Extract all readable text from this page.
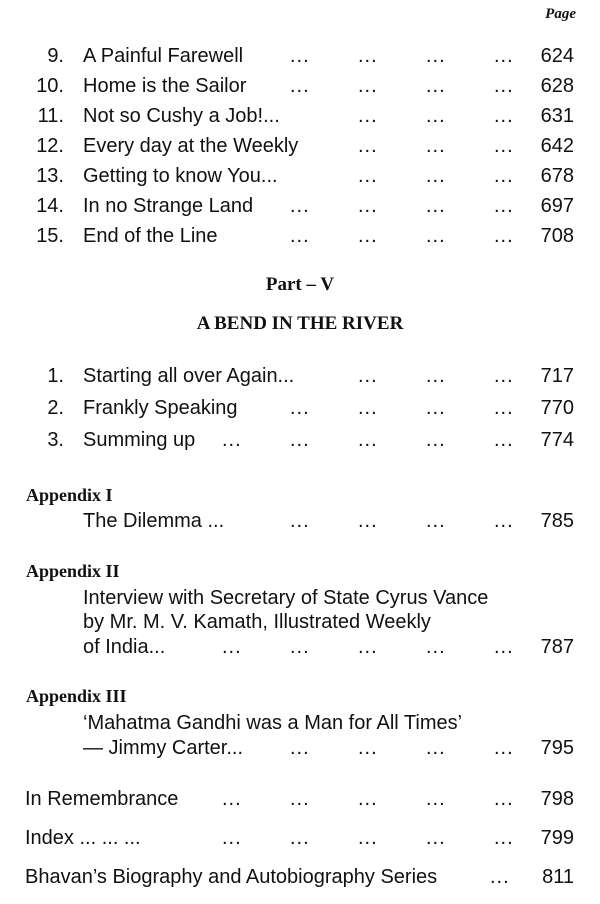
Page
9. A Painful Farewell ... ... ... ...	624
10. Home is the Sailor ... ... ... ...	628
11. Not so Cushy a Job!...	... ... ...	631
12. Every day at the Weekly	... ... ...	642
13. Getting to know You...	... ... ...	678
14. In no Strange Land ... ... ... ...	697
15. End of the Line	... ... ... ...	708
Part – V
A BEND IN THE RIVER
1. Starting all over Again...	... ... ...	717
2. Frankly Speaking	... ... ... ...	770
3. Summing up ... ... ... ... ...	774
Appendix I
The Dilemma ...	... ... ... ...	785
Appendix II
Interview with Secretary of State Cyrus Vance
by Mr. M. V. Kamath, Illustrated Weekly
of India...	... ... ... ... ...	787
Appendix III
‘Mahatma Gandhi was a Man for All Times’
— Jimmy Carter... ... ... ... ...	795
In Remembrance ... ... ... ... ...	798
Index ... ... ...	... ... ... ... ...	799
Bhavan’s Biography and Autobiography Series	...	811
